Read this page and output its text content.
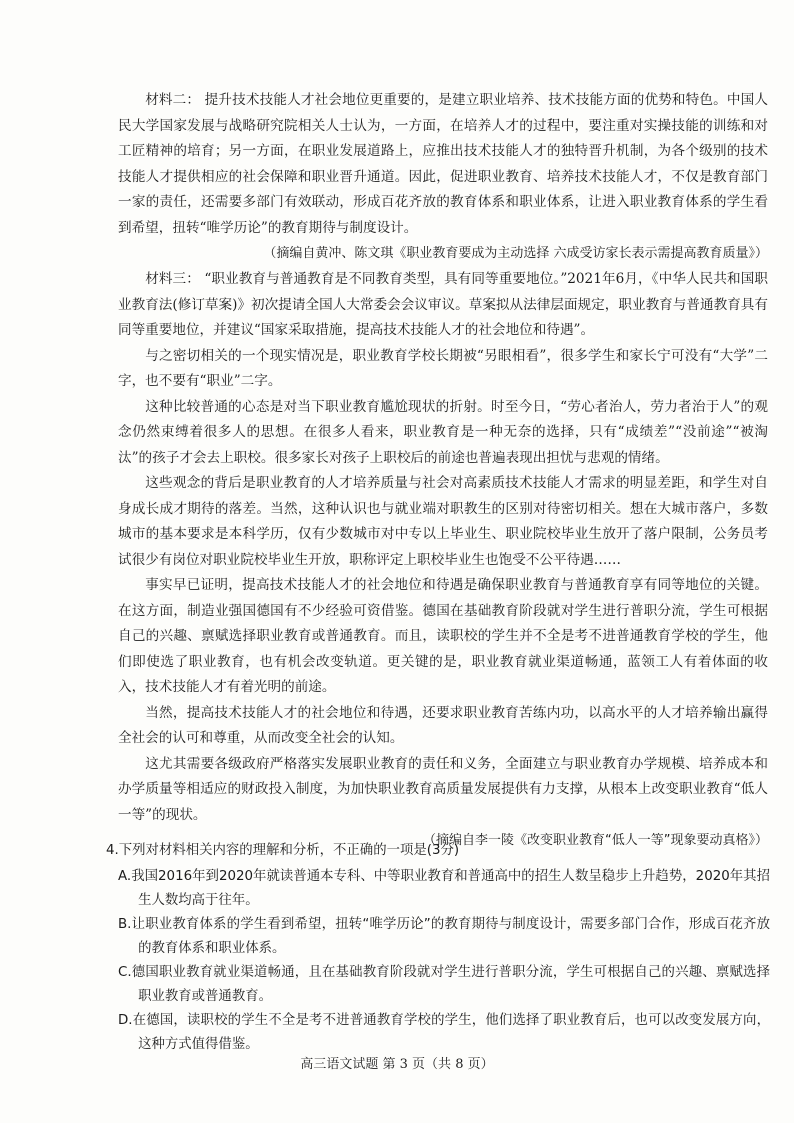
材料二： 提升技术技能人才社会地位更重要的，是建立职业培养、技术技能方面的优势和特色。中国人民大学国家发展与战略研究院相关人士认为，一方面，在培养人才的过程中，要注重对实操技能的训练和对工匠精神的培育；另一方面，在职业发展道路上，应推出技术技能人才的独特晋升机制，为各个级别的技术技能人才提供相应的社会保障和职业晋升通道。因此，促进职业教育、培养技术技能人才，不仅是教育部门一家的责任，还需要多部门有效联动，形成百花齐放的教育体系和职业体系，让进入职业教育体系的学生看到希望，扭转“唯学历论”的教育期待与制度设计。

（摘编自黄冲、陈文琪《职业教育要成为主动选择 六成受访家长表示需提高教育质量》）

材料三： “职业教育与普通教育是不同教育类型，具有同等重要地位。”2021年6月，《中华人民共和国职业教育法(修订草案)》初次提请全国人大常委会会议审议。草案拟从法律层面规定，职业教育与普通教育具有同等重要地位，并建议“国家采取措施，提高技术技能人才的社会地位和待遇”。

与之密切相关的一个现实情况是，职业教育学校长期被“另眼相看”，很多学生和家长宁可没有“大学”二字，也不要有“职业”二字。

这种比较普通的心态是对当下职业教育尴尬现状的折射。时至今日，“劳心者治人，劳力者治于人”的观念仍然束缚着很多人的思想。在很多人看来，职业教育是一种无奈的选择，只有“成绩差”“没前途”“被淘汰”的孩子才会去上职校。很多家长对孩子上职校后的前途也普遍表现出担忧与悲观的情绪。

这些观念的背后是职业教育的人才培养质量与社会对高素质技术技能人才需求的明显差距，和学生对自身成长成才期待的落差。当然，这种认识也与就业端对职教生的区别对待密切相关。想在大城市落户，多数城市的基本要求是本科学历，仅有少数城市对中专以上毕业生、职业院校毕业生放开了落户限制，公务员考试很少有岗位对职业院校毕业生开放，职称评定上职校毕业生也饱受不公平待遇……

事实早已证明，提高技术技能人才的社会地位和待遇是确保职业教育与普通教育享有同等地位的关键。在这方面，制造业强国德国有不少经验可资借鉴。德国在基础教育阶段就对学生进行普职分流，学生可根据自己的兴趣、禀赋选择职业教育或普通教育。而且，读职校的学生并不全是考不进普通教育学校的学生，他们即使选了职业教育，也有机会改变轨道。更关键的是，职业教育就业渠道畅通，蓝领工人有着体面的收入，技术技能人才有着光明的前途。

当然，提高技术技能人才的社会地位和待遇，还要求职业教育苦练内功，以高水平的人才培养输出赢得全社会的认可和尊重，从而改变全社会的认知。

这尤其需要各级政府严格落实发展职业教育的责任和义务，全面建立与职业教育办学规模、培养成本和办学质量等相适应的财政投入制度，为加快职业教育高质量发展提供有力支撑，从根本上改变职业教育“低人一等”的现状。

（摘编自李一陵《改变职业教育“低人一等”现象要动真格》）

4.下列对材料相关内容的理解和分析，不正确的一项是(3分)

A.我国2016年到2020年就读普通本专科、中等职业教育和普通高中的招生人数呈稳步上升趋势，2020年其招生人数均高于往年。

B.让职业教育体系的学生看到希望，扭转“唯学历论”的教育期待与制度设计，需要多部门合作，形成百花齐放的教育体系和职业体系。

C.德国职业教育就业渠道畅通，且在基础教育阶段就对学生进行普职分流，学生可根据自己的兴趣、禀赋选择职业教育或普通教育。

D.在德国，读职校的学生不全是考不进普通教育学校的学生，他们选择了职业教育后，也可以改变发展方向，这种方式值得借鉴。

高三语文试题 第 3 页（共 8 页）
